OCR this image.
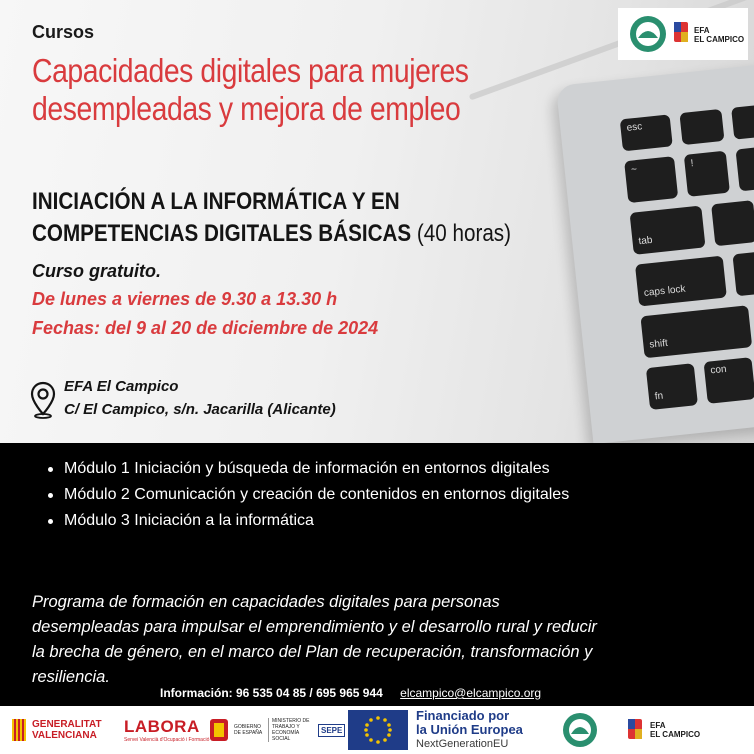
esc
~
!
tab
caps lock
shift
fn
con
EFA
EL CAMPICO
Cursos
Capacidades digitales para mujeres
desempleadas y mejora de empleo
INICIACIÓN A LA INFORMÁTICA Y EN
COMPETENCIAS DIGITALES BÁSICAS (40 horas)
Curso gratuito.
De lunes a viernes de 9.30 a 13.30 h
Fechas: del 9 al 20 de diciembre de 2024
EFA El Campico
C/ El Campico, s/n. Jacarilla (Alicante)
Módulo 1 Iniciación y búsqueda de información en entornos digitales
Módulo 2 Comunicación y creación de contenidos en entornos digitales
Módulo 3 Iniciación a la informática
Programa de formación en capacidades digitales para personas
desempleadas para impulsar el emprendimiento y el desarrollo rural y reducir
la brecha de género, en el marco del Plan de recuperación, transformación y
resiliencia.
Información: 96 535 04 85 / 695 965 944 elcampico@elcampico.org
GENERALITAT
VALENCIANA LABORA
Servei Valencià d'Ocupació i Formació
GOBIERNO DE ESPAÑA
MINISTERIO DE TRABAJO Y ECONOMÍA SOCIAL
SEPE
Financiado por
la Unión Europea
NextGenerationEU
EFA
EL CAMPICO
